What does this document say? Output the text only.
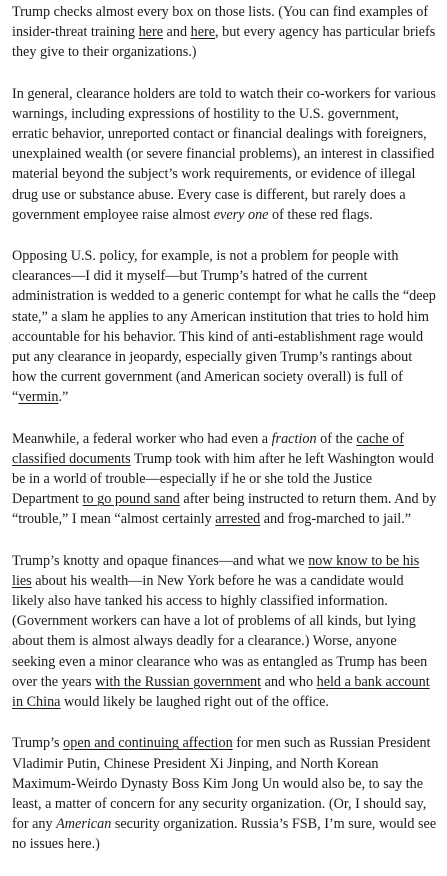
Trump checks almost every box on those lists. (You can find examples of insider-threat training here and here, but every agency has particular briefs they give to their organizations.)

In general, clearance holders are told to watch their co-workers for various warnings, including expressions of hostility to the U.S. government, erratic behavior, unreported contact or financial dealings with foreigners, unexplained wealth (or severe financial problems), an interest in classified material beyond the subject’s work requirements, or evidence of illegal drug use or substance abuse. Every case is different, but rarely does a government employee raise almost every one of these red flags.

Opposing U.S. policy, for example, is not a problem for people with clearances—I did it myself—but Trump’s hatred of the current administration is wedded to a generic contempt for what he calls the “deep state,” a slam he applies to any American institution that tries to hold him accountable for his behavior. This kind of anti-establishment rage would put any clearance in jeopardy, especially given Trump’s rantings about how the current government (and American society overall) is full of “vermin.”

Meanwhile, a federal worker who had even a fraction of the cache of classified documents Trump took with him after he left Washington would be in a world of trouble—especially if he or she told the Justice Department to go pound sand after being instructed to return them. And by “trouble,” I mean “almost certainly arrested and frog-marched to jail.”

Trump’s knotty and opaque finances—and what we now know to be his lies about his wealth—in New York before he was a candidate would likely also have tanked his access to highly classified information. (Government workers can have a lot of problems of all kinds, but lying about them is almost always deadly for a clearance.) Worse, anyone seeking even a minor clearance who was as entangled as Trump has been over the years with the Russian government and who held a bank account in China would likely be laughed right out of the office.

Trump’s open and continuing affection for men such as Russian President Vladimir Putin, Chinese President Xi Jinping, and North Korean Maximum-Weirdo Dynasty Boss Kim Jong Un would also be, to say the least, a matter of concern for any security organization. (Or, I should say, for any American security organization. Russia’s FSB, I’m sure, would see no issues here.)
